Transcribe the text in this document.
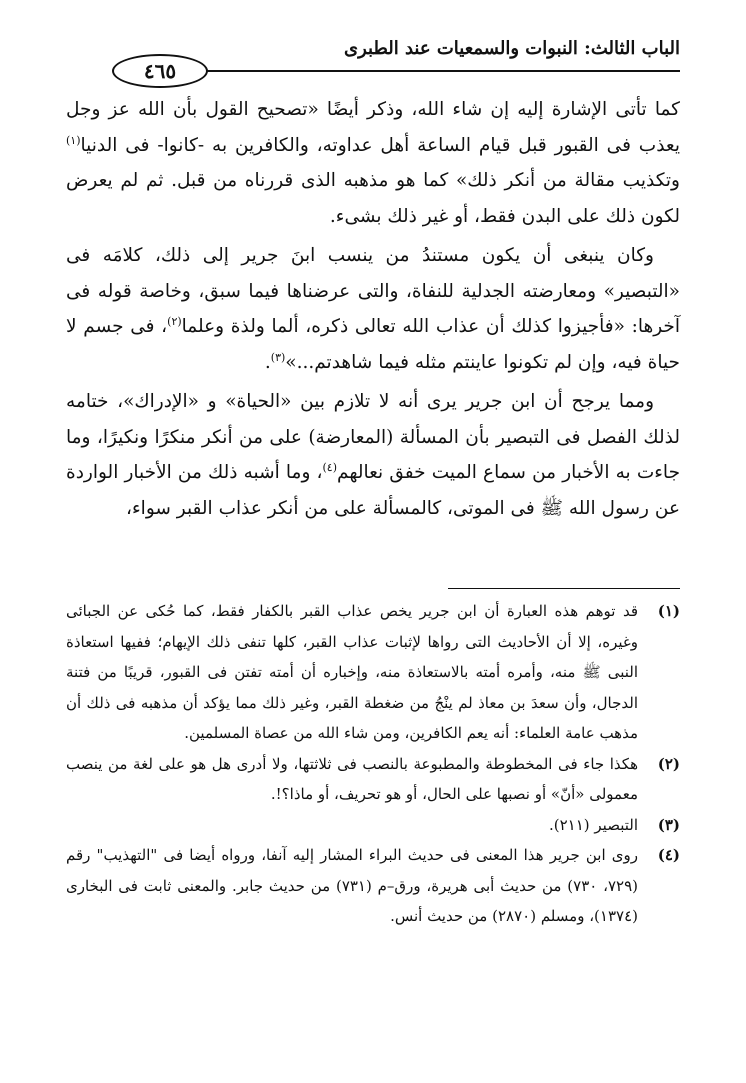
الباب الثالث: النبوات والسمعيات عند الطبرى
٤٦٥

كما تأتى الإشارة إليه إن شاء الله، وذكر أيضًا «تصحيح القول بأن الله عز وجل يعذب فى القبور قبل قيام الساعة أهل عداوته، والكافرين به -كانوا- فى الدنيا$^{(١)}$ وتكذيب مقالة من أنكر ذلك» كما هو مذهبه الذى قررناه من قبل. ثم لم يعرض لكون ذلك على البدن فقط، أو غير ذلك بشىء.

وكان ينبغى أن يكون مستندُ من ينسب ابنَ جرير إلى ذلك، كلامَه فى «التبصير» ومعارضته الجدلية للنفاة، والتى عرضناها فيما سبق، وخاصة قوله فى آخرها: «فأجيزوا كذلك أن عذاب الله تعالى ذكره، ألما ولذة وعلما$^{(٢)}$، فى جسم لا حياة فيه، وإن لم تكونوا عاينتم مثله فيما شاهدتم...»$^{(٣)}$.

ومما يرجح أن ابن جرير يرى أنه لا تلازم بين «الحياة» و «الإدراك»، ختامه لذلك الفصل فى التبصير بأن المسألة (المعارضة) على من أنكر منكرًا ونكيرًا، وما جاءت به الأخبار من سماع الميت خفق نعالهم$^{(٤)}$، وما أشبه ذلك من الأخبار الواردة عن رسول الله ﷺ فى الموتى، كالمسألة على من أنكر عذاب القبر سواء،

(١)
قد توهم هذه العبارة أن ابن جرير يخص عذاب القبر بالكفار فقط، كما حُكى عن الجبائى وغيره، إلا أن الأحاديث التى رواها لإثبات عذاب القبر، كلها تنفى ذلك الإيهام؛ ففيها استعاذة النبى ﷺ منه، وأمره أمته بالاستعاذة منه، وإخباره أن أمته تفتن فى القبور، قريبًا من فتنة الدجال، وأن سعدَ بن معاذ لم ينْجُ من ضغطة القبر، وغير ذلك مما يؤكد أن مذهبه فى ذلك أن مذهب عامة العلماء: أنه يعم الكافرين، ومن شاء الله من عصاة المسلمين.

(٢)
هكذا جاء فى المخطوطة والمطبوعة بالنصب فى ثلاثتها، ولا أدرى هل هو على لغة من ينصب معمولى «أنّ» أو نصبها على الحال، أو هو تحريف، أو ماذا؟!.

(٣)
التبصير (٢١١).

(٤)
روى ابن جرير هذا المعنى فى حديث البراء المشار إليه آنفا، ورواه أيضا فى "التهذيب" رقم (٧٢٩، ٧٣٠) من حديث أبى هريرة، ورق–م (٧٣١) من حديث جابر. والمعنى ثابت فى البخارى (١٣٧٤)، ومسلم (٢٨٧٠) من حديث أنس.
